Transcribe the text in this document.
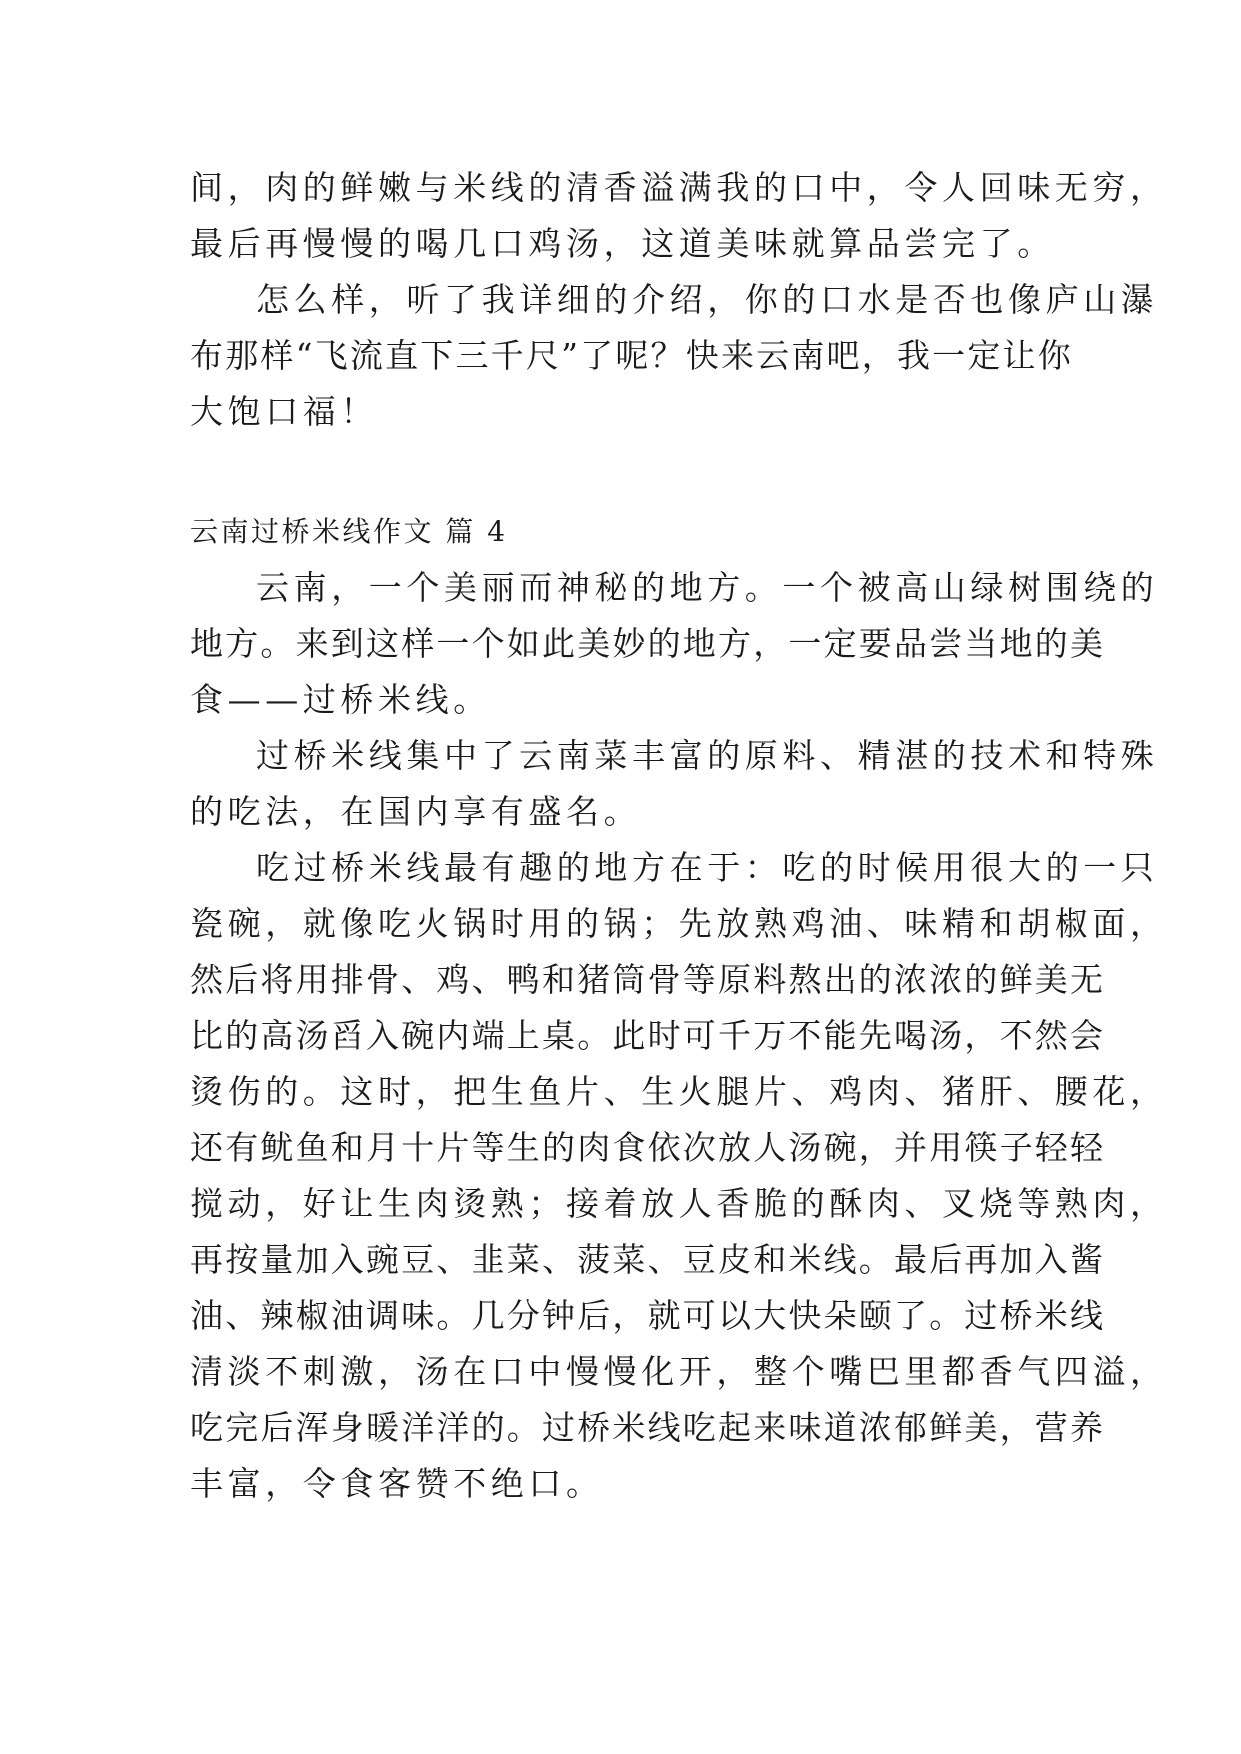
间，肉的鲜嫩与米线的清香溢满我的口中，令人回味无穷，
最后再慢慢的喝几口鸡汤，这道美味就算品尝完了。
怎么样，听了我详细的介绍，你的口水是否也像庐山瀑
布那样“飞流直下三千尺”了呢？快来云南吧，我一定让你
大饱口福！
云南过桥米线作文 篇 4
云南，一个美丽而神秘的地方。一个被高山绿树围绕的
地方。来到这样一个如此美妙的地方，一定要品尝当地的美
食——过桥米线。
过桥米线集中了云南菜丰富的原料、精湛的技术和特殊
的吃法，在国内享有盛名。
吃过桥米线最有趣的地方在于：吃的时候用很大的一只
瓷碗，就像吃火锅时用的锅；先放熟鸡油、味精和胡椒面，
然后将用排骨、鸡、鸭和猪筒骨等原料熬出的浓浓的鲜美无
比的高汤舀入碗内端上桌。此时可千万不能先喝汤，不然会
烫伤的。这时，把生鱼片、生火腿片、鸡肉、猪肝、腰花，
还有鱿鱼和月十片等生的肉食依次放人汤碗，并用筷子轻轻
搅动，好让生肉烫熟；接着放人香脆的酥肉、叉烧等熟肉，
再按量加入豌豆、韭菜、菠菜、豆皮和米线。最后再加入酱
油、辣椒油调味。几分钟后，就可以大快朵颐了。过桥米线
清淡不刺激，汤在口中慢慢化开，整个嘴巴里都香气四溢，
吃完后浑身暖洋洋的。过桥米线吃起来味道浓郁鲜美，营养
丰富，令食客赞不绝口。
